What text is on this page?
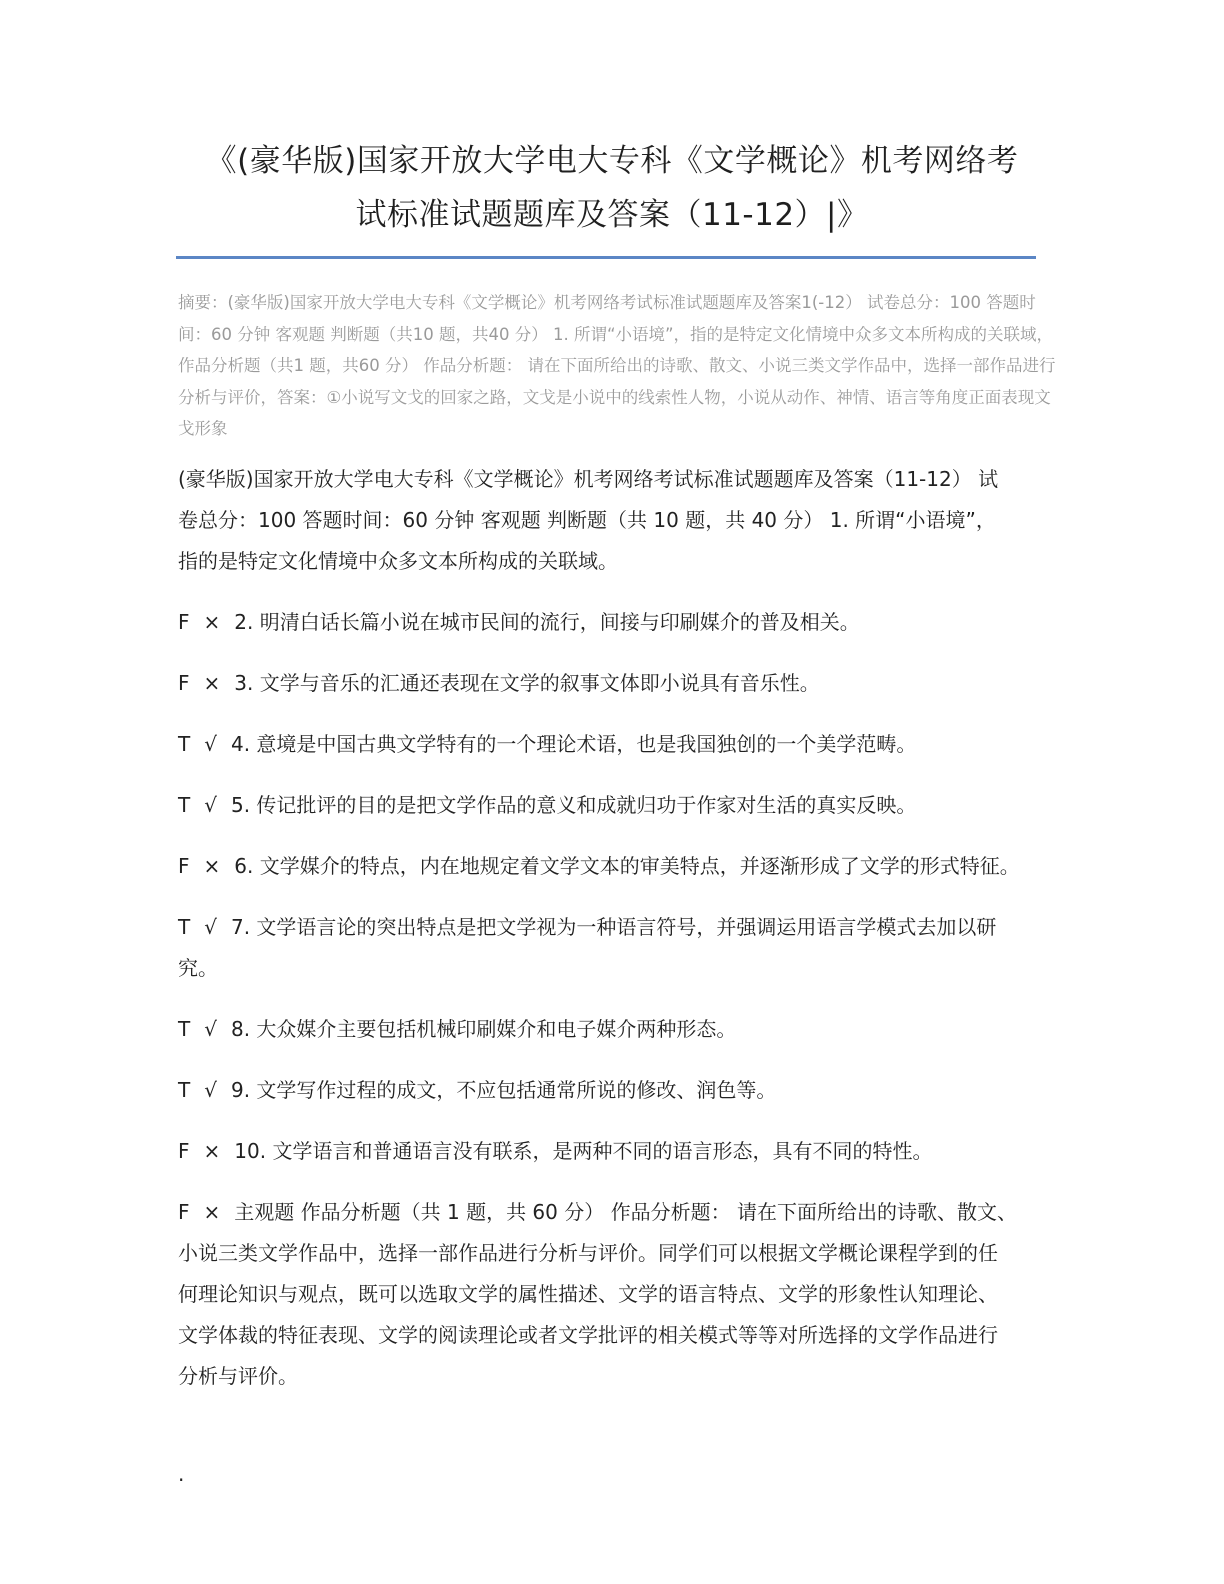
《(豪华版)国家开放大学电大专科《文学概论》机考网络考
试标准试题题库及答案（11-12）|》

摘要：(豪华版)国家开放大学电大专科《文学概论》机考网络考试标准试题题库及答案1(-12） 试卷总分：100 答题时

间：60 分钟 客观题 判断题（共10 题，共40 分） 1. 所谓“小语境”，指的是特定文化情境中众多文本所构成的关联域，

作品分析题（共1 题，共60 分） 作品分析题： 请在下面所给出的诗歌、散文、小说三类文学作品中，选择一部作品进行

分析与评价，答案：①小说写文戈的回家之路，文戈是小说中的线索性人物，小说从动作、神情、语言等角度正面表现文

戈形象

(豪华版)国家开放大学电大专科《文学概论》机考网络考试标准试题题库及答案（11-12） 试

卷总分：100 答题时间：60 分钟 客观题 判断题（共 10 题，共 40 分） 1. 所谓“小语境”，

指的是特定文化情境中众多文本所构成的关联域。

F × 2. 明清白话长篇小说在城市民间的流行，间接与印刷媒介的普及相关。

F × 3. 文学与音乐的汇通还表现在文学的叙事文体即小说具有音乐性。

T √ 4. 意境是中国古典文学特有的一个理论术语，也是我国独创的一个美学范畴。

T √ 5. 传记批评的目的是把文学作品的意义和成就归功于作家对生活的真实反映。

F × 6. 文学媒介的特点，内在地规定着文学文本的审美特点，并逐渐形成了文学的形式特征。

T √ 7. 文学语言论的突出特点是把文学视为一种语言符号，并强调运用语言学模式去加以研

究。

T √ 8. 大众媒介主要包括机械印刷媒介和电子媒介两种形态。

T √ 9. 文学写作过程的成文，不应包括通常所说的修改、润色等。

F × 10. 文学语言和普通语言没有联系，是两种不同的语言形态，具有不同的特性。

F × 主观题 作品分析题（共 1 题，共 60 分） 作品分析题： 请在下面所给出的诗歌、散文、

小说三类文学作品中，选择一部作品进行分析与评价。同学们可以根据文学概论课程学到的任

何理论知识与观点，既可以选取文学的属性描述、文学的语言特点、文学的形象性认知理论、

文学体裁的特征表现、文学的阅读理论或者文学批评的相关模式等等对所选择的文学作品进行

分析与评价。

.
